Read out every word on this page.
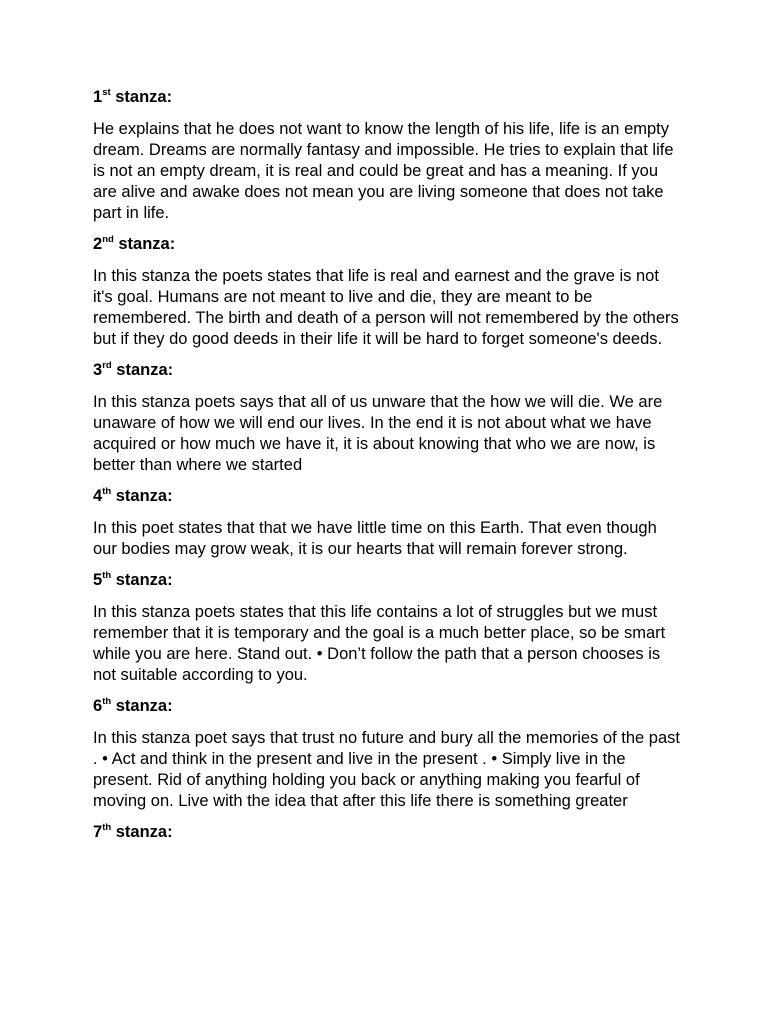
1st stanza:

He explains that he does not want to know the length of his life, life is an empty dream. Dreams are normally fantasy and impossible. He tries to explain that life is not an empty dream, it is real and could be great and has a meaning. If you are alive and awake does not mean you are living someone that does not take part in life.

2nd stanza:

In this stanza the poets states that life is real and earnest and the grave is not it's goal. Humans are not meant to live and die, they are meant to be remembered. The birth and death of a person will not remembered by the others but if they do good deeds in their life it will be hard to forget someone's deeds.

3rd stanza:

In this stanza poets says that all of us unware that the how we will die. We are unaware of how we will end our lives. In the end it is not about what we have acquired or how much we have it, it is about knowing that who we are now, is better than where we started

4th stanza:

In this poet states that that we have little time on this Earth. That even though our bodies may grow weak, it is our hearts that will remain forever strong.

5th stanza:

In this stanza poets states that this life contains a lot of struggles but we must remember that it is temporary and the goal is a much better place, so be smart while you are here. Stand out. • Don’t follow the path that a person chooses is not suitable according to you.

6th stanza:

In this stanza poet says that trust no future and bury all the memories of the past . • Act and think in the present and live in the present . • Simply live in the present. Rid of anything holding you back or anything making you fearful of moving on. Live with the idea that after this life there is something greater

7th stanza:
